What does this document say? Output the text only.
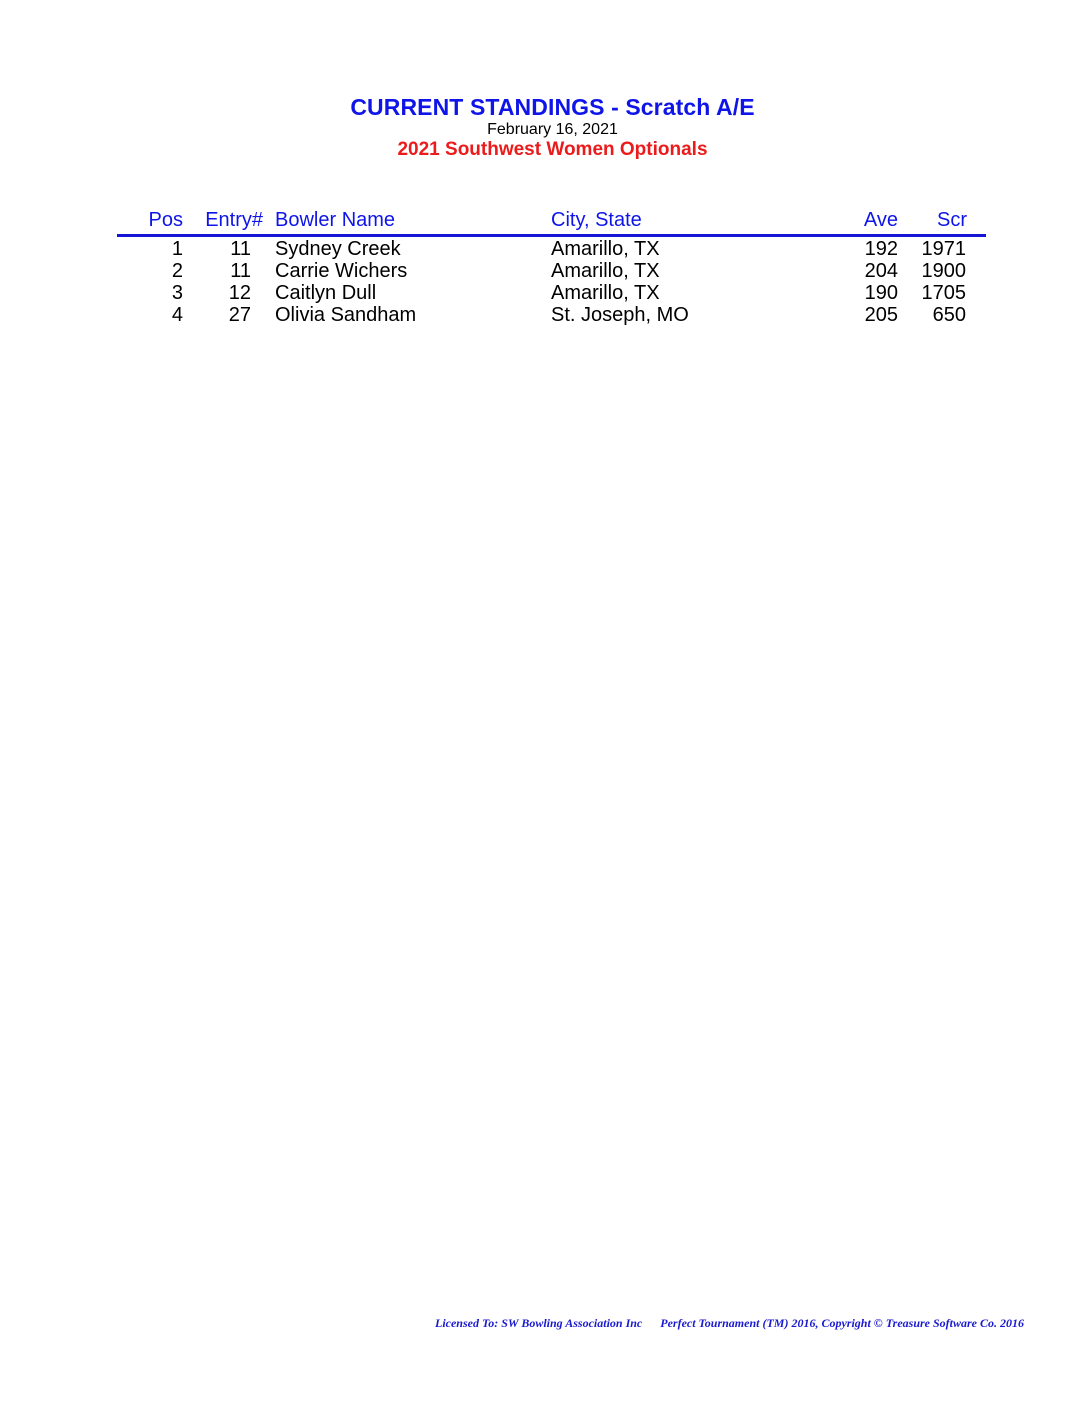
CURRENT STANDINGS - Scratch A/E
February 16, 2021
2021 Southwest Women Optionals
Pos Entry# Bowler Name	City, State	Ave Scr
1 11 Sydney Creek	Amarillo, TX	192 1971
2 11 Carrie Wichers	Amarillo, TX	204 1900
3 12 Caitlyn Dull	Amarillo, TX	190 1705
4 27 Olivia Sandham	St. Joseph, MO	205 650
Licensed To: SW Bowling Association Inc Perfect Tournament (TM) 2016, Copyright © Treasure Software Co. 2016
